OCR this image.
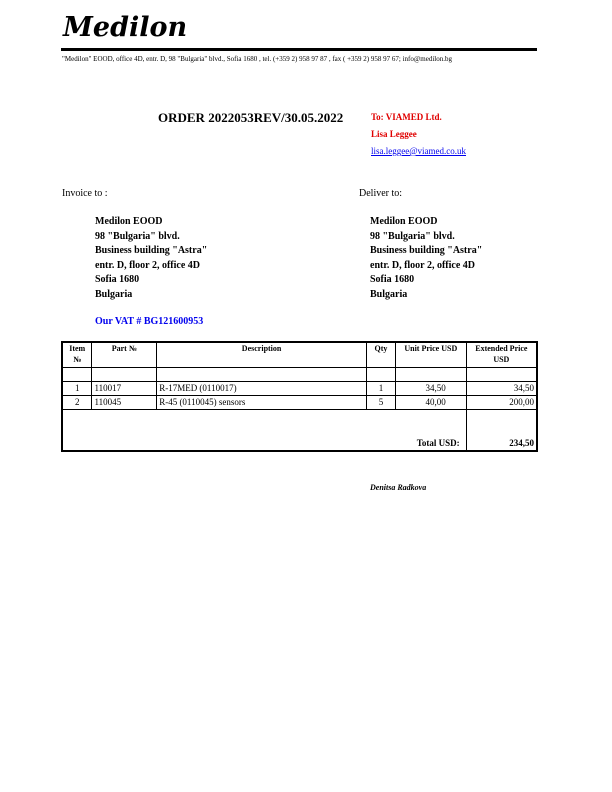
Medilon
"Medilon" EOOD, office 4D, entr. D, 98 "Bulgaria" blvd., Sofia 1680 , tel. (+359 2) 958 97 87 , fax ( +359 2) 958 97 67; info@medilon.bg
ORDER 2022053REV/30.05.2022	To: VIAMED Ltd.
Lisa Leggee
lisa.leggee@viamed.co.uk
Invoice to :	Deliver to:
Medilon EOOD
98 "Bulgaria" blvd.
Business building "Astra"
entr. D, floor 2, office 4D
Sofia 1680
Bulgaria
Medilon EOOD
98 "Bulgaria" blvd.
Business building "Astra"
entr. D, floor 2, office 4D
Sofia 1680
Bulgaria
Our VAT # BG121600953
Item №	Part №	Description	Qty	Unit Price USD	Extended Price USD

1	110017	R-17MED (0110017)	1	34,50	34,50
2	110045	R-45 (0110045) sensors	5	40,00	200,00
Total USD:					234,50
Denitsa Radkova
